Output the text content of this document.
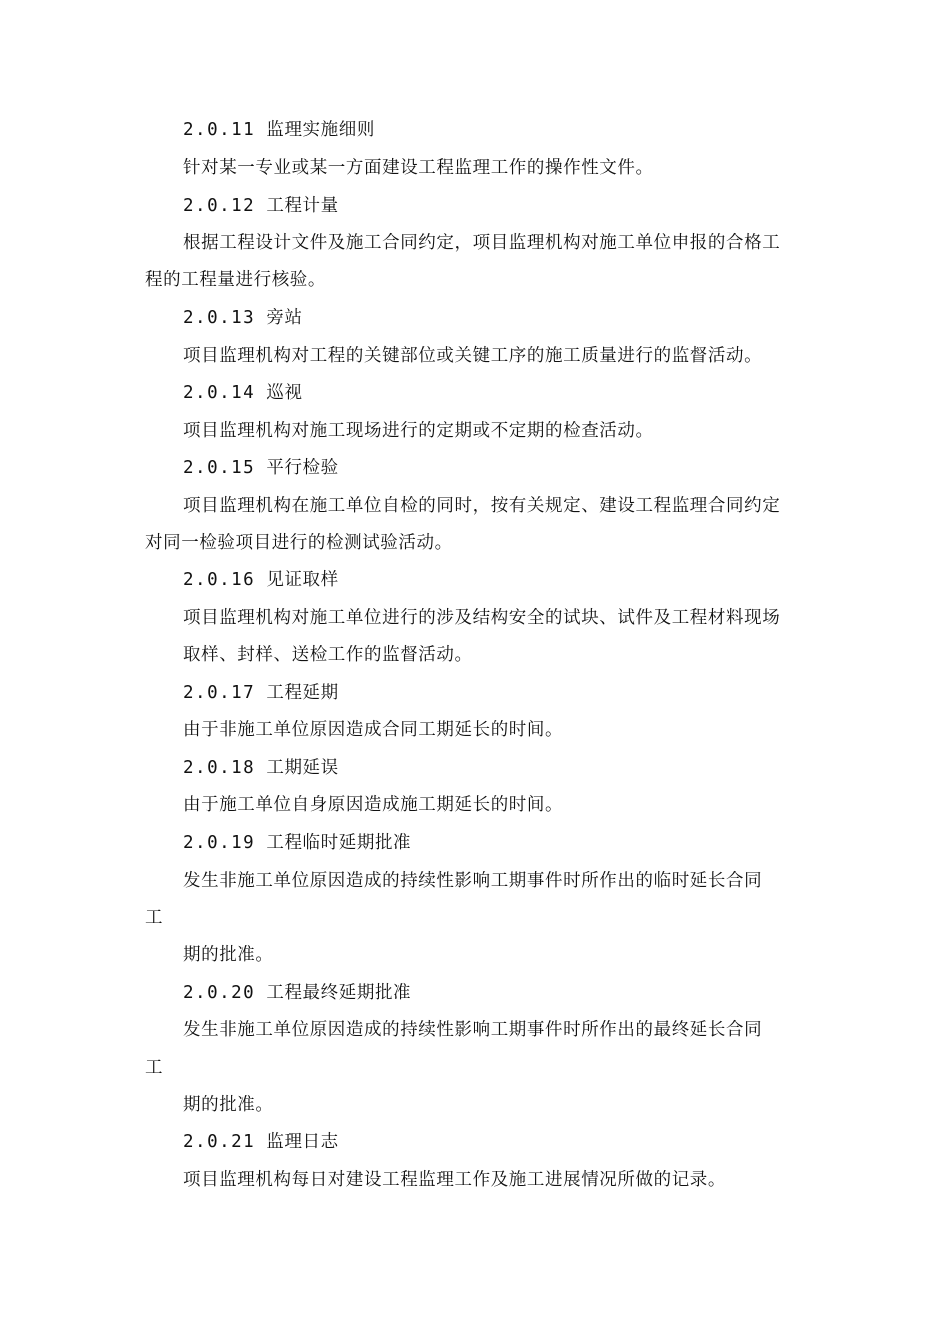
2.0.11 监理实施细则
针对某一专业或某一方面建设工程监理工作的操作性文件。
2.0.12 工程计量
根据工程设计文件及施工合同约定，项目监理机构对施工单位申报的合格工
程的工程量进行核验。
2.0.13 旁站
项目监理机构对工程的关键部位或关键工序的施工质量进行的监督活动。
2.0.14 巡视
项目监理机构对施工现场进行的定期或不定期的检查活动。
2.0.15 平行检验
项目监理机构在施工单位自检的同时，按有关规定、建设工程监理合同约定
对同一检验项目进行的检测试验活动。
2.0.16 见证取样
项目监理机构对施工单位进行的涉及结构安全的试块、试件及工程材料现场
取样、封样、送检工作的监督活动。
2.0.17 工程延期
由于非施工单位原因造成合同工期延长的时间。
2.0.18 工期延误
由于施工单位自身原因造成施工期延长的时间。
2.0.19 工程临时延期批准
发生非施工单位原因造成的持续性影响工期事件时所作出的临时延长合同
工
期的批准。
2.0.20 工程最终延期批准
发生非施工单位原因造成的持续性影响工期事件时所作出的最终延长合同
工
期的批准。
2.0.21 监理日志
项目监理机构每日对建设工程监理工作及施工进展情况所做的记录。
